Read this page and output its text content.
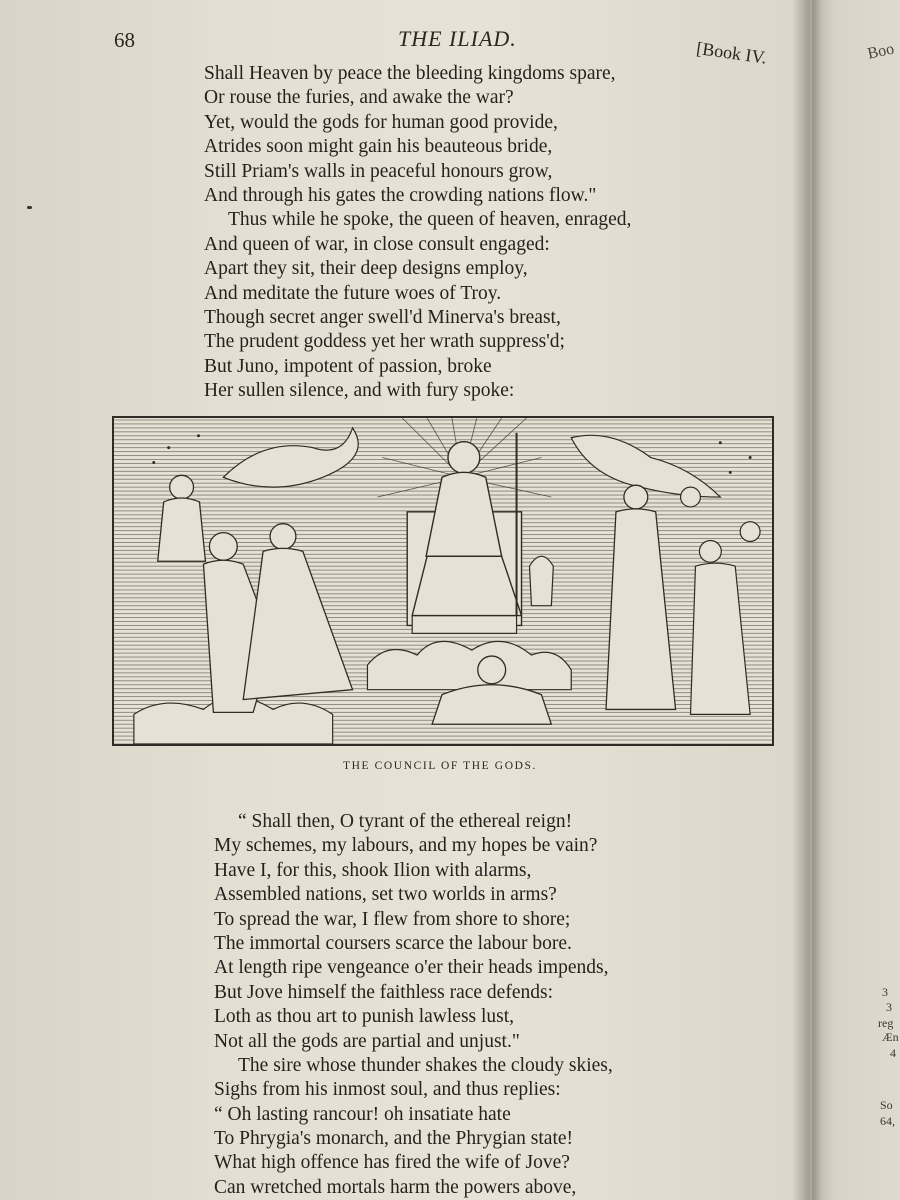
68	THE ILIAD.	[Book IV.
Shall Heaven by peace the bleeding kingdoms spare,
Or rouse the furies, and awake the war?
Yet, would the gods for human good provide,
Atrides soon might gain his beauteous bride,
Still Priam's walls in peaceful honours grow,
And through his gates the crowding nations flow."
Thus while he spoke, the queen of heaven, enraged,
And queen of war, in close consult engaged:
Apart they sit, their deep designs employ,
And meditate the future woes of Troy.
Though secret anger swell'd Minerva's breast,
The prudent goddess yet her wrath suppress'd;
But Juno, impotent of passion, broke
Her sullen silence, and with fury spoke:
THE COUNCIL OF THE GODS.
“ Shall then, O tyrant of the ethereal reign!
My schemes, my labours, and my hopes be vain?
Have I, for this, shook Ilion with alarms,
Assembled nations, set two worlds in arms?
To spread the war, I flew from shore to shore;
The immortal coursers scarce the labour bore.
At length ripe vengeance o'er their heads impends,
But Jove himself the faithless race defends:
Loth as thou art to punish lawless lust,
Not all the gods are partial and unjust."
The sire whose thunder shakes the cloudy skies,
Sighs from his inmost soul, and thus replies:
“ Oh lasting rancour! oh insatiate hate
To Phrygia's monarch, and the Phrygian state!
What high offence has fired the wife of Jove?
Can wretched mortals harm the powers above,
Boo
3
3
reg
Æn
4
So
64,
